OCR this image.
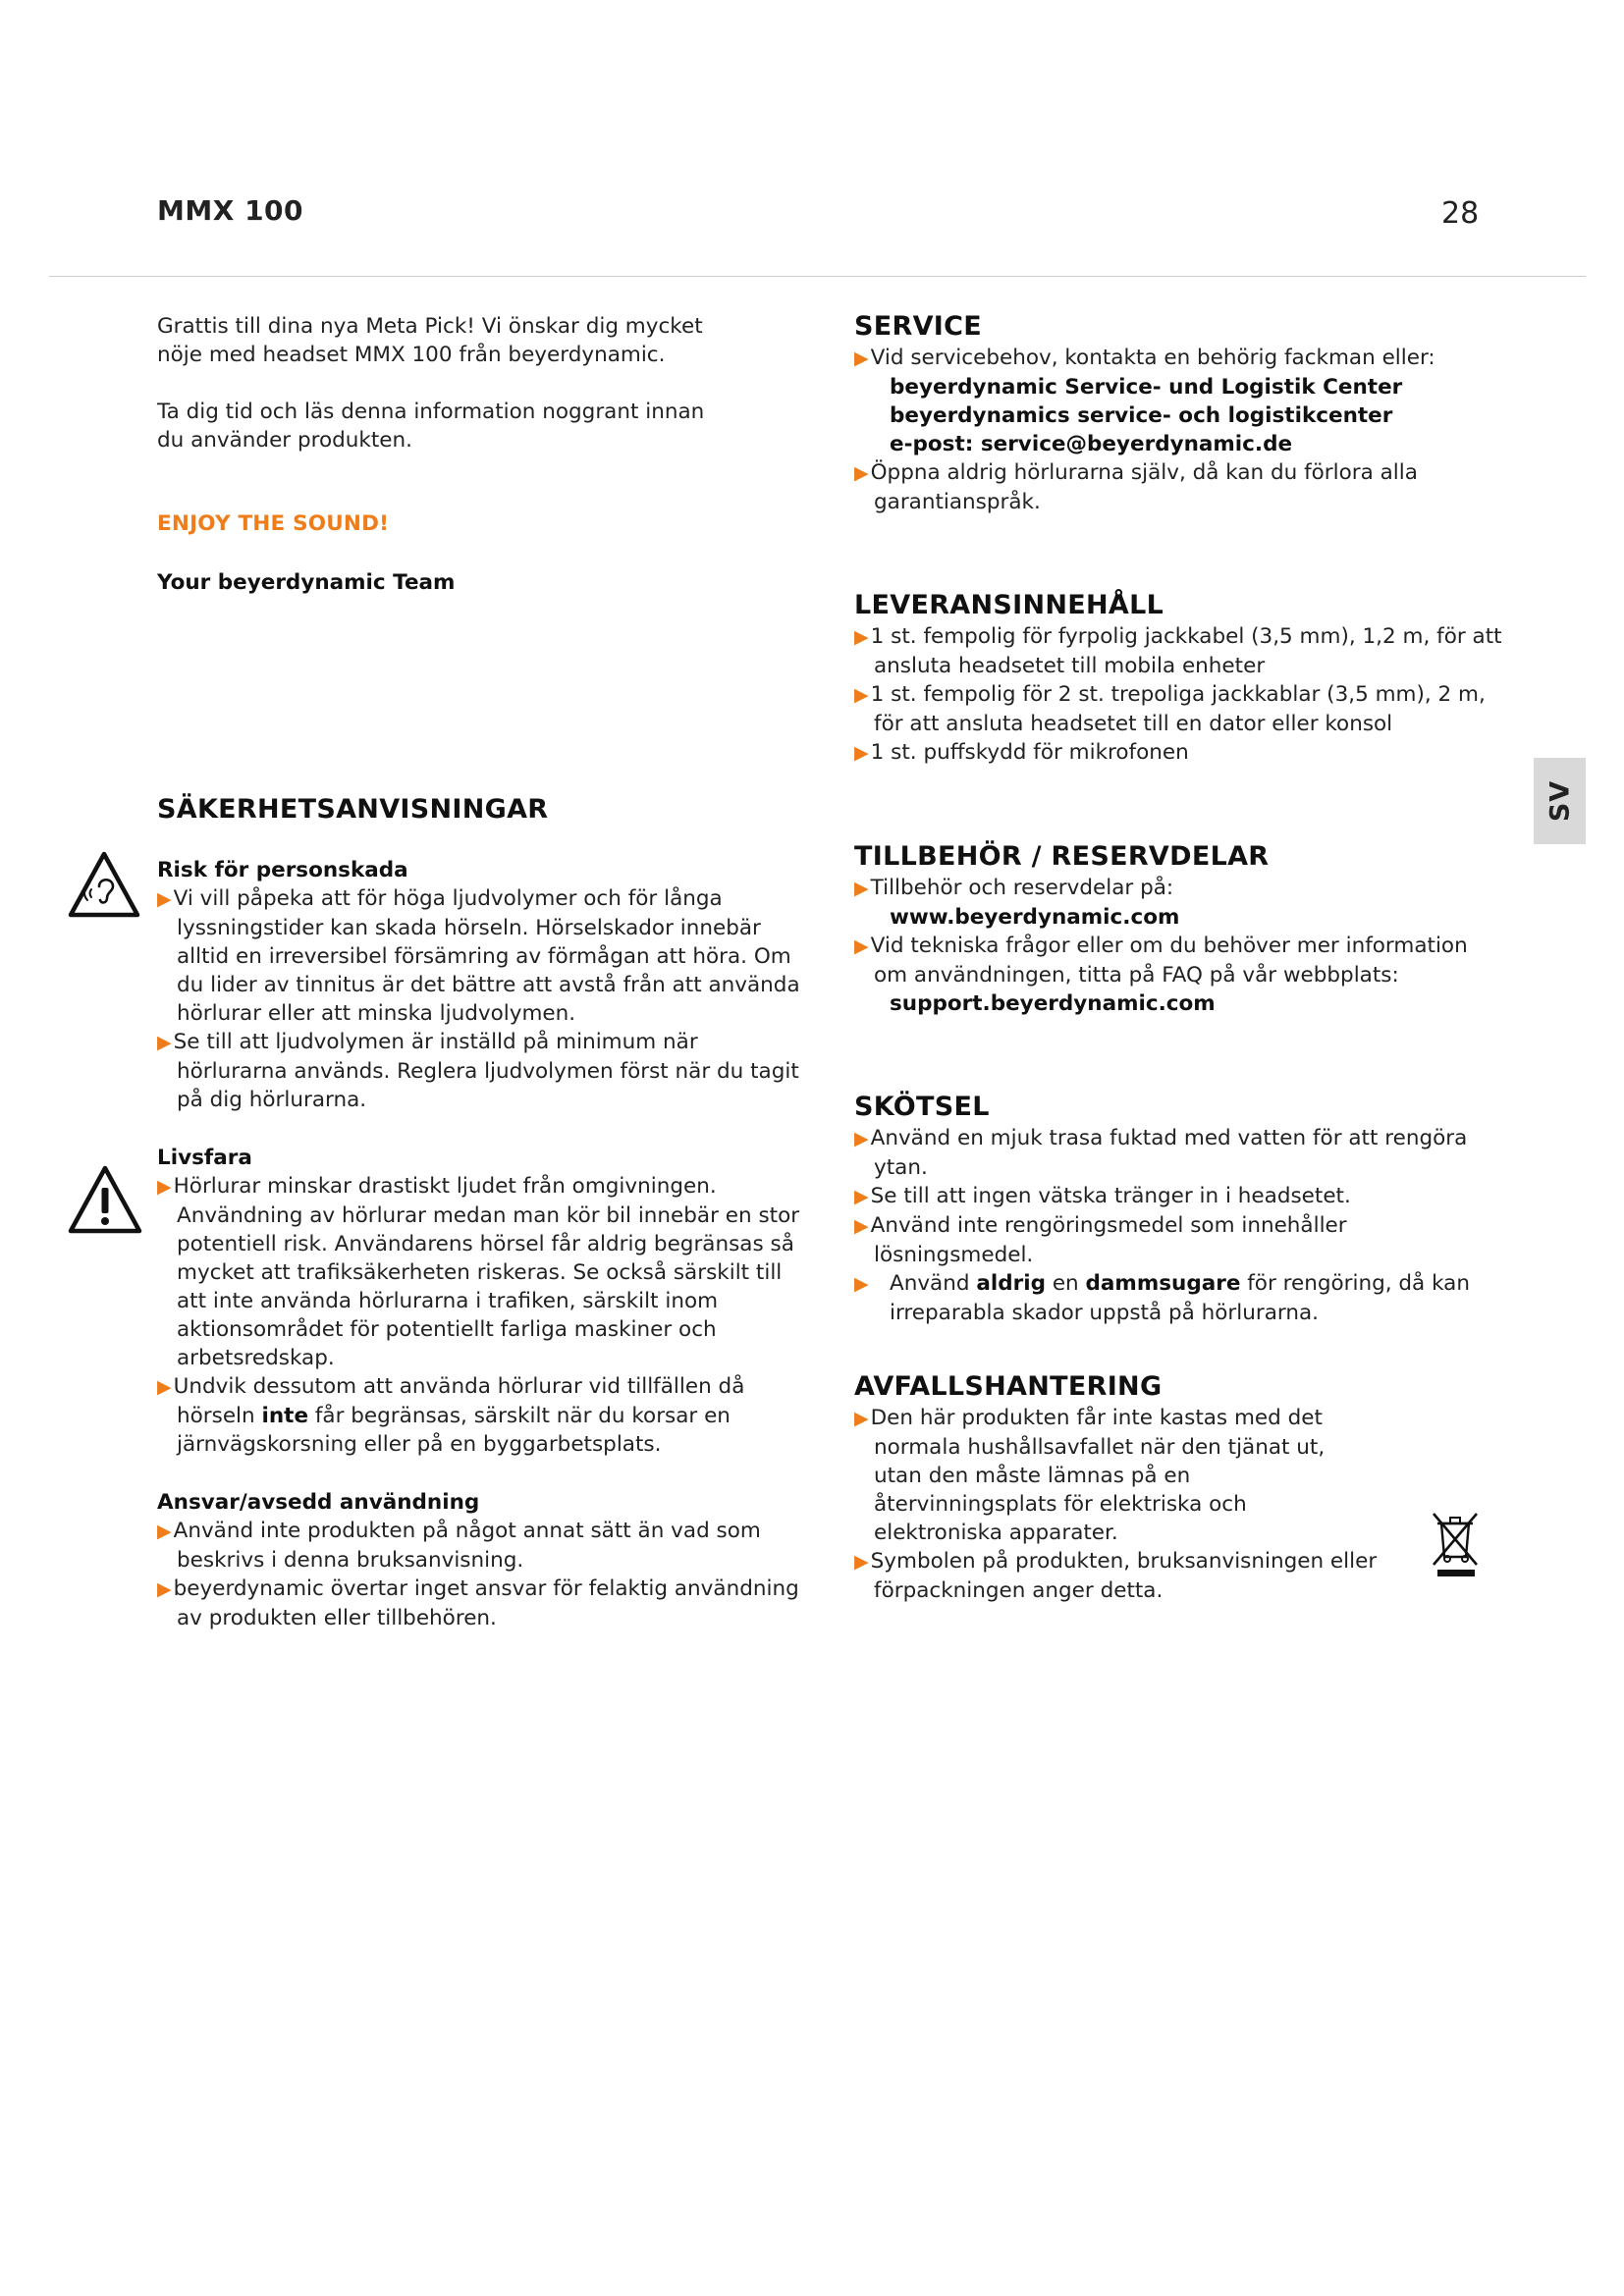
MMX 100	28
SV

Grattis till dina nya Meta Pick! Vi önskar dig mycket nöje med headset MMX 100 från beyerdynamic.

Ta dig tid och läs denna information noggrant innan du använder produkten.

ENJOY THE SOUND!

Your beyerdynamic Team

SÄKERHETSANVISNINGAR

Risk för personskada

▶ Vi vill påpeka att för höga ljudvolymer och för långa lyssningstider kan skada hörseln. Hörselskador innebär alltid en irreversibel försämring av förmågan att höra. Om du lider av tinnitus är det bättre att avstå från att använda hörlurar eller att minska ljudvolymen.

▶ Se till att ljudvolymen är inställd på minimum när hörlurarna används. Reglera ljudvolymen först när du tagit på dig hörlurarna.

Livsfara

▶ Hörlurar minskar drastiskt ljudet från omgivningen. Användning av hörlurar medan man kör bil innebär en stor potentiell risk. Användarens hörsel får aldrig begränsas så mycket att trafiksäkerheten riskeras. Se också särskilt till att inte använda hörlurarna i trafiken, särskilt inom aktionsområdet för potentiellt farliga maskiner och arbetsredskap.

▶ Undvik dessutom att använda hörlurar vid tillfällen då hörseln inte får begränsas, särskilt när du korsar en järnvägskorsning eller på en byggarbetsplats.

Ansvar/avsedd användning

▶ Använd inte produkten på något annat sätt än vad som beskrivs i denna bruksanvisning.

▶ beyerdynamic övertar inget ansvar för felaktig användning av produkten eller tillbehören.

SERVICE

▶ Vid servicebehov, kontakta en behörig fackman eller:

beyerdynamic Service- und Logistik Center

beyerdynamics service- och logistikcenter

e-post: service@beyerdynamic.de

▶ Öppna aldrig hörlurarna själv, då kan du förlora alla garantianspråk.

LEVERANSINNEHÅLL

▶ 1 st. fempolig för fyrpolig jackkabel (3,5 mm), 1,2 m, för att ansluta headsetet till mobila enheter

▶ 1 st. fempolig för 2 st. trepoliga jackkablar (3,5 mm), 2 m, för att ansluta headsetet till en dator eller konsol

▶ 1 st. puffskydd för mikrofonen

TILLBEHÖR / RESERVDELAR

▶ Tillbehör och reservdelar på:

www.beyerdynamic.com

▶ Vid tekniska frågor eller om du behöver mer information om användningen, titta på FAQ på vår webbplats:

support.beyerdynamic.com

SKÖTSEL

▶ Använd en mjuk trasa fuktad med vatten för att rengöra ytan.

▶ Se till att ingen vätska tränger in i headsetet.

▶ Använd inte rengöringsmedel som innehåller lösningsmedel.

▶ Använd aldrig en dammsugare för rengöring, då kan irreparabla skador uppstå på hörlurarna.

AVFALLSHANTERING

▶ Den här produkten får inte kastas med det normala hushållsavfallet när den tjänat ut, utan den måste lämnas på en återvinningsplats för elektriska och elektroniska apparater.

▶ Symbolen på produkten, bruksanvisningen eller förpackningen anger detta.
